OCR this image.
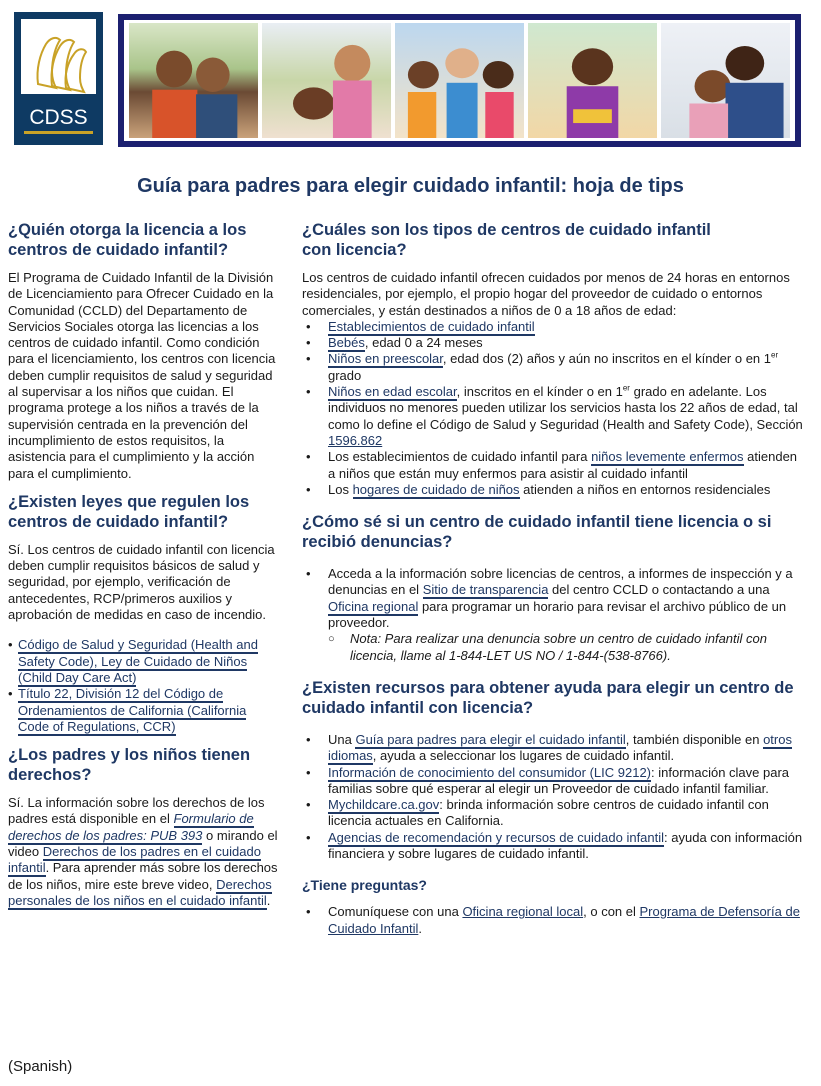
CDSS
Guía para padres para elegir cuidado infantil: hoja de tips
¿Quién otorga la licencia a los centros de cuidado infantil?

El Programa de Cuidado Infantil de la División de Licenciamiento para Ofrecer Cuidado en la Comunidad (CCLD) del Departamento de Servicios Sociales otorga las licencias a los centros de cuidado infantil. Como condición para el licenciamiento, los centros con licencia deben cumplir requisitos de salud y seguridad al supervisar a los niños que cuidan. El programa protege a los niños a través de la supervisión centrada en la prevención del incumplimiento de estos requisitos, la asistencia para el cumplimiento y la acción para el cumplimiento.

¿Existen leyes que regulen los centros de cuidado infantil?

Sí. Los centros de cuidado infantil con licencia deben cumplir requisitos básicos de salud y seguridad, por ejemplo, verificación de antecedentes, RCP/primeros auxilios y aprobación de medidas en caso de incendio.

• Código de Salud y Seguridad (Health and Safety Code), Ley de Cuidado de Niños (Child Day Care Act)
• Título 22, División 12 del Código de Ordenamientos de California (California Code of Regulations, CCR)
¿Los padres y los niños tienen derechos?

Sí. La información sobre los derechos de los padres está disponible en el Formulario de derechos de los padres: PUB 393 o mirando el video Derechos de los padres en el cuidado infantil. Para aprender más sobre los derechos de los niños, mire este breve video, Derechos personales de los niños en el cuidado infantil.

(Spanish)
¿Cuáles son los tipos de centros de cuidado infantil con licencia?

Los centros de cuidado infantil ofrecen cuidados por menos de 24 horas en entornos residenciales, por ejemplo, el propio hogar del proveedor de cuidado o entornos comerciales, y están destinados a niños de 0 a 18 años de edad:

• Establecimientos de cuidado infantil
• Bebés, edad 0 a 24 meses
• Niños en preescolar, edad dos (2) años y aún no inscritos en el kínder o en 1er grado
• Niños en edad escolar, inscritos en el kínder o en 1er grado en adelante. Los individuos no menores pueden utilizar los servicios hasta los 22 años de edad, tal como lo define el Código de Salud y Seguridad (Health and Safety Code), Sección 1596.862
• Los establecimientos de cuidado infantil para niños levemente enfermos atienden a niños que están muy enfermos para asistir al cuidado infantil
• Los hogares de cuidado de niños atienden a niños en entornos residenciales
¿Cómo sé si un centro de cuidado infantil tiene licencia o si recibió denuncias?
• Acceda a la información sobre licencias de centros, a informes de inspección y a denuncias en el Sitio de transparencia del centro CCLD o contactando a una Oficina regional para programar un horario para revisar el archivo público de un proveedor.
○ Nota: Para realizar una denuncia sobre un centro de cuidado infantil con licencia, llame al 1-844-LET US NO / 1-844-(538-8766).
¿Existen recursos para obtener ayuda para elegir un centro de cuidado infantil con licencia?
• Una Guía para padres para elegir el cuidado infantil, también disponible en otros idiomas, ayuda a seleccionar los lugares de cuidado infantil.
• Información de conocimiento del consumidor (LIC 9212): información clave para familias sobre qué esperar al elegir un Proveedor de cuidado infantil familiar.
• Mychildcare.ca.gov: brinda información sobre centros de cuidado infantil con licencia actuales en California.
• Agencias de recomendación y recursos de cuidado infantil: ayuda con información financiera y sobre lugares de cuidado infantil.
¿Tiene preguntas?
• Comuníquese con una Oficina regional local, o con el Programa de Defensoría de Cuidado Infantil.
